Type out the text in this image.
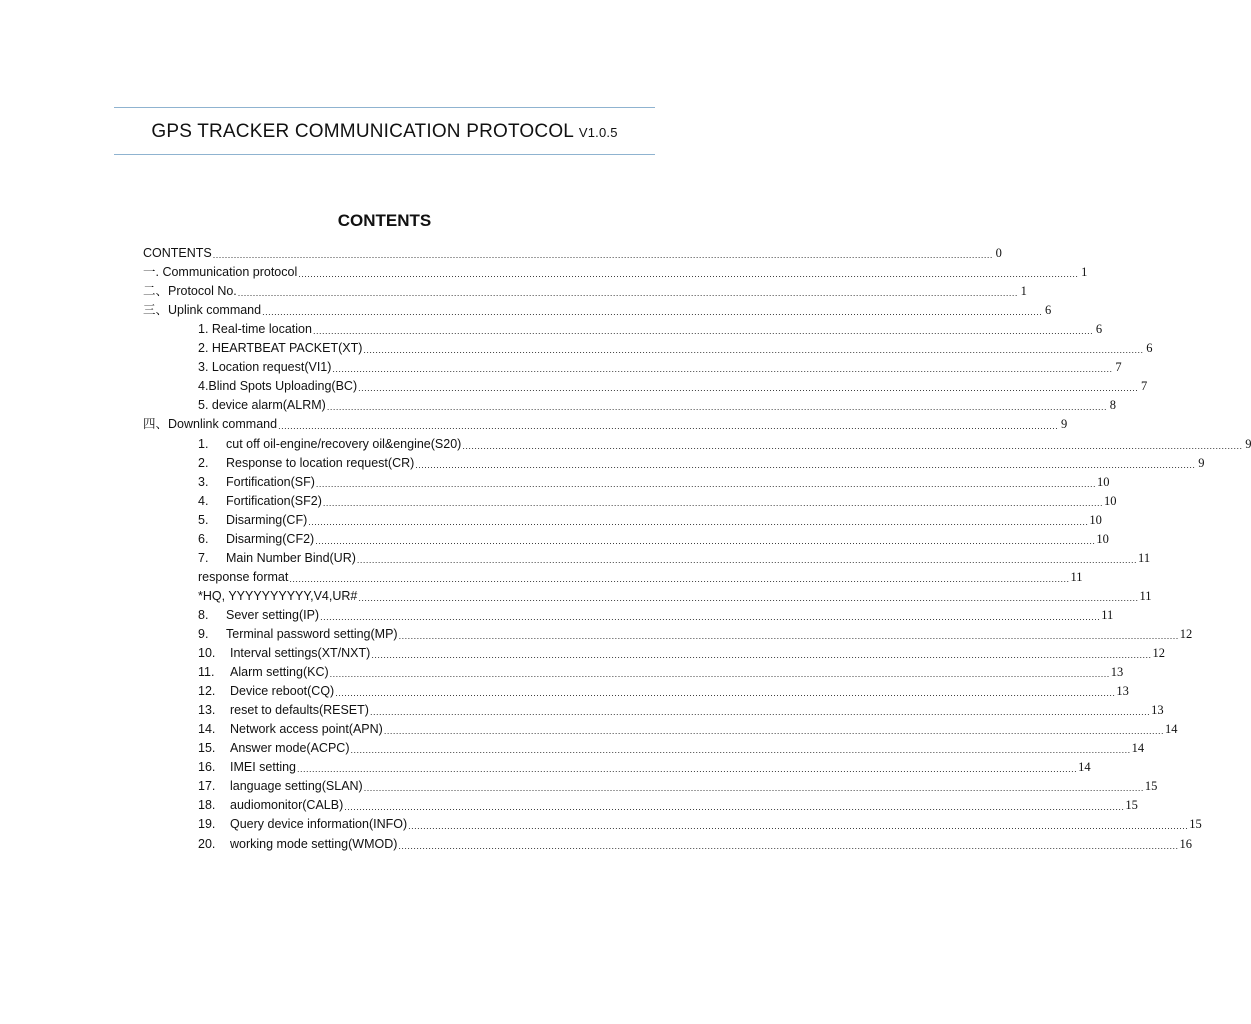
GPS TRACKER COMMUNICATION PROTOCOL V1.0.5
CONTENTS
CONTENTS .................................................................................................................................................................................................................................................................... 0
一. Communication protocol .................................................................................................................................................................................................................................................................... 1
二、Protocol No. .................................................................................................................................................................................................................................................................... 1
三、Uplink command .................................................................................................................................................................................................................................................................... 6
1. Real-time location .................................................................................................................................................................................................................................................................... 6
2. HEARTBEAT PACKET(XT) .................................................................................................................................................................................................................................................................... 6
3. Location request(VI1) .................................................................................................................................................................................................................................................................... 7
4.Blind Spots Uploading(BC) .................................................................................................................................................................................................................................................................... 7
5. device alarm(ALRM) .................................................................................................................................................................................................................................................................... 8
四、Downlink command .................................................................................................................................................................................................................................................................... 9
1.	cut off oil-engine/recovery oil&engine(S20) .................................................................................................................................................................................................................................................................... 9
2.	Response to location request(CR) .................................................................................................................................................................................................................................................................... 9
3.	Fortification(SF) .................................................................................................................................................................................................................................................................... 10
4.	Fortification(SF2) .................................................................................................................................................................................................................................................................... 10
5.	Disarming(CF) .................................................................................................................................................................................................................................................................... 10
6.	Disarming(CF2) .................................................................................................................................................................................................................................................................... 10
7.	Main Number Bind(UR) .................................................................................................................................................................................................................................................................... 11
response format .................................................................................................................................................................................................................................................................... 11
*HQ, YYYYYYYYYY,V4,UR# .................................................................................................................................................................................................................................................................... 11
8.	Sever setting(IP) .................................................................................................................................................................................................................................................................... 11
9.	Terminal password setting(MP) .................................................................................................................................................................................................................................................................... 12
10.	Interval settings(XT/NXT) .................................................................................................................................................................................................................................................................... 12
11.	Alarm setting(KC) .................................................................................................................................................................................................................................................................... 13
12.	Device reboot(CQ) .................................................................................................................................................................................................................................................................... 13
13.	reset to defaults(RESET) .................................................................................................................................................................................................................................................................... 13
14.	Network access point(APN) .................................................................................................................................................................................................................................................................... 14
15.	Answer mode(ACPC) .................................................................................................................................................................................................................................................................... 14
16.	IMEI setting .................................................................................................................................................................................................................................................................... 14
17.	language setting(SLAN) .................................................................................................................................................................................................................................................................... 15
18.	audiomonitor(CALB) .................................................................................................................................................................................................................................................................... 15
19.	Query device information(INFO) .................................................................................................................................................................................................................................................................... 15
20.	working mode setting(WMOD) .................................................................................................................................................................................................................................................................... 16
